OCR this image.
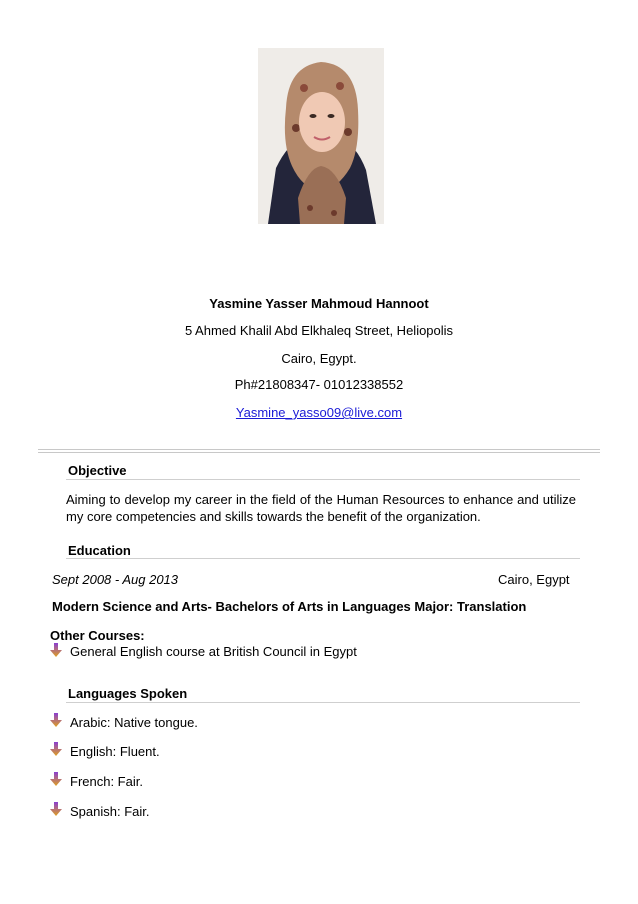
Yasmine Yasser Mahmoud Hannoot
5 Ahmed Khalil Abd Elkhaleq Street, Heliopolis
Cairo, Egypt.
Ph#21808347- 01012338552
Yasmine_yasso09@live.com
Objective
Aiming to develop my career in the field of the Human Resources to enhance and utilize my core competencies and skills towards the benefit of the organization.
Education
Sept 2008 - Aug 2013	Cairo, Egypt
Modern Science and Arts- Bachelors of Arts in Languages Major: Translation
Other Courses:
General English course at British Council in Egypt
Languages Spoken
Arabic: Native tongue.
English: Fluent.
French: Fair.
Spanish: Fair.
